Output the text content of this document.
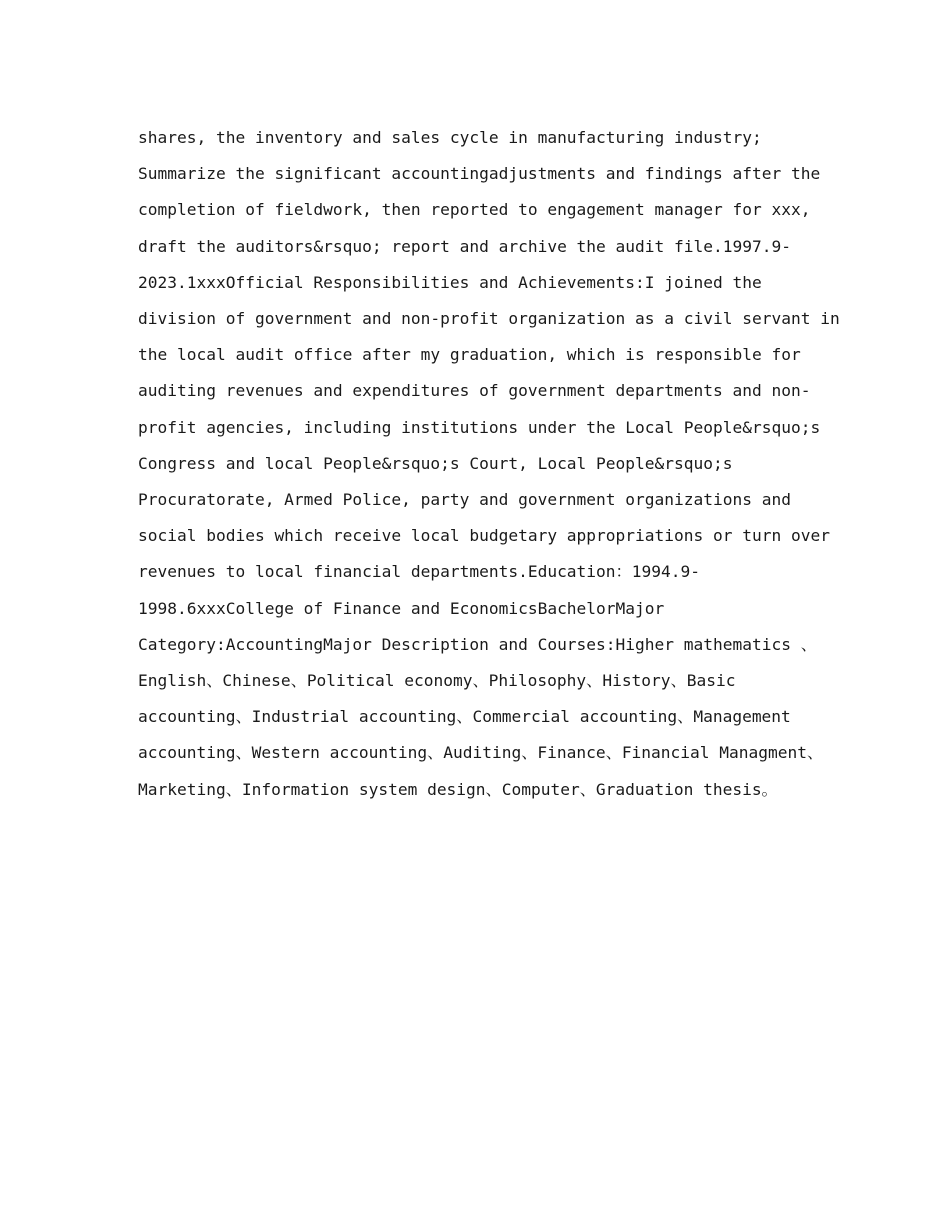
shares, the inventory and sales cycle in manufacturing industry;
Summarize the significant accountingadjustments and findings after the
completion of fieldwork, then reported to engagement manager for xxx,
draft the auditors&rsquo; report and archive the audit file.1997.9-
2023.1xxxOfficial Responsibilities and Achievements:I joined the
division of government and non-profit organization as a civil servant in
the local audit office after my graduation, which is responsible for
auditing revenues and expenditures of government departments and non-
profit agencies, including institutions under the Local People&rsquo;s
Congress and local People&rsquo;s Court, Local People&rsquo;s
Procuratorate, Armed Police, party and government organizations and
social bodies which receive local budgetary appropriations or turn over
revenues to local financial departments.Education：1994.9-
1998.6xxxCollege of Finance and EconomicsBachelorMajor
Category:AccountingMajor Description and Courses:Higher mathematics 、
English、Chinese、Political economy、Philosophy、History、Basic
accounting、Industrial accounting、Commercial accounting、Management
accounting、Western accounting、Auditing、Finance、Financial Managment、
Marketing、Information system design、Computer、Graduation thesis。
